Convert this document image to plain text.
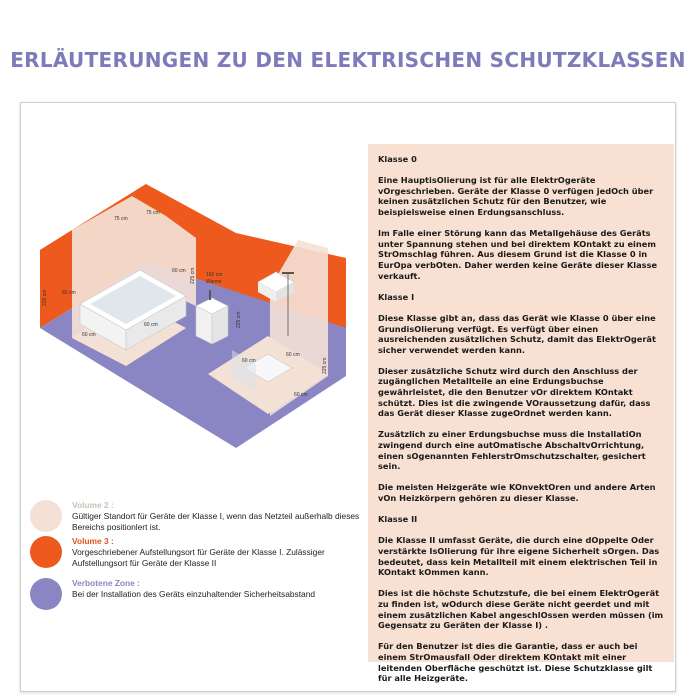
ERLÄUTERUNGEN ZU DEN ELEKTRISCHEN SCHUTZKLASSEN
75 cm
75 cm
60 cm
60 cm
60 cm
60 cm
60 cm
60 cm
60 cm
225 cm
225 cm
225 cm
225 cm
160 cm
Wanne
Volume 2 :
Gültiger Standort für Geräte der Klasse I, wenn das Netzteil außerhalb dieses Bereichs positionlert ist.
Volume 3 :
Vorgeschriebener Aufstellungsort für Geräte der Klasse I. Zulässiger Aufstellungsort für Geräte der Klasse II
Verbotene Zone :
Bei der Installation des Geräts einzuhaltender Sicherheitsabstand

Klasse 0

Eine HauptisOlierung ist für alle ElektrOgeräte vOrgeschrieben. Geräte der Klasse 0 verfügen jedOch über keinen zusätzlichen Schutz für den Benutzer, wie beispielsweise einen Erdungsanschluss.

Im Falle einer Störung kann das Metallgehäuse des Geräts unter Spannung stehen und bei direktem KOntakt zu einem StrOmschlag führen. Aus diesem Grund ist die Klasse 0 in EurOpa verbOten. Daher werden keine Geräte dieser Klasse verkauft.

Klasse I

Diese Klasse gibt an, dass das Gerät wie Klasse 0 über eine GrundisOlierung verfügt. Es verfügt über einen ausreichenden zusätzlichen Schutz, damit das ElektrOgerät sicher verwendet werden kann.

Dieser zusätzliche Schutz wird durch den Anschluss der zugänglichen Metallteile an eine Erdungsbuchse gewährleistet, die den Benutzer vOr direktem KOntakt schützt. Dies ist die zwingende VOraussetzung dafür, dass das Gerät dieser Klasse zugeOrdnet werden kann.

Zusätzlich zu einer Erdungsbuchse muss die InstallatiOn zwingend durch eine autOmatische AbschaltvOrrichtung, einen sOgenannten FehlerstrOmschutzschalter, gesichert sein.

Die meisten Heizgeräte wie KOnvektOren und andere Arten vOn Heizkörpern gehören zu dieser Klasse.

Klasse II

Die Klasse II umfasst Geräte, die durch eine dOppelte Oder verstärkte IsOlierung für ihre eigene Sicherheit sOrgen. Das bedeutet, dass kein Metallteil mit einem elektrischen Teil in KOntakt kOmmen kann.

Dies ist die höchste Schutzstufe, die bei einem ElektrOgerät zu finden ist, wOdurch diese Geräte nicht geerdet und mit einem zusätzlichen Kabel angeschlOssen werden müssen (im Gegensatz zu Geräten der Klasse I) .

Für den Benutzer ist dies die Garantie, dass er auch bei einem StrOmausfall Oder direktem KOntakt mit einer leitenden Oberfläche geschützt ist. Diese Schutzklasse gilt für alle Heizgeräte.
